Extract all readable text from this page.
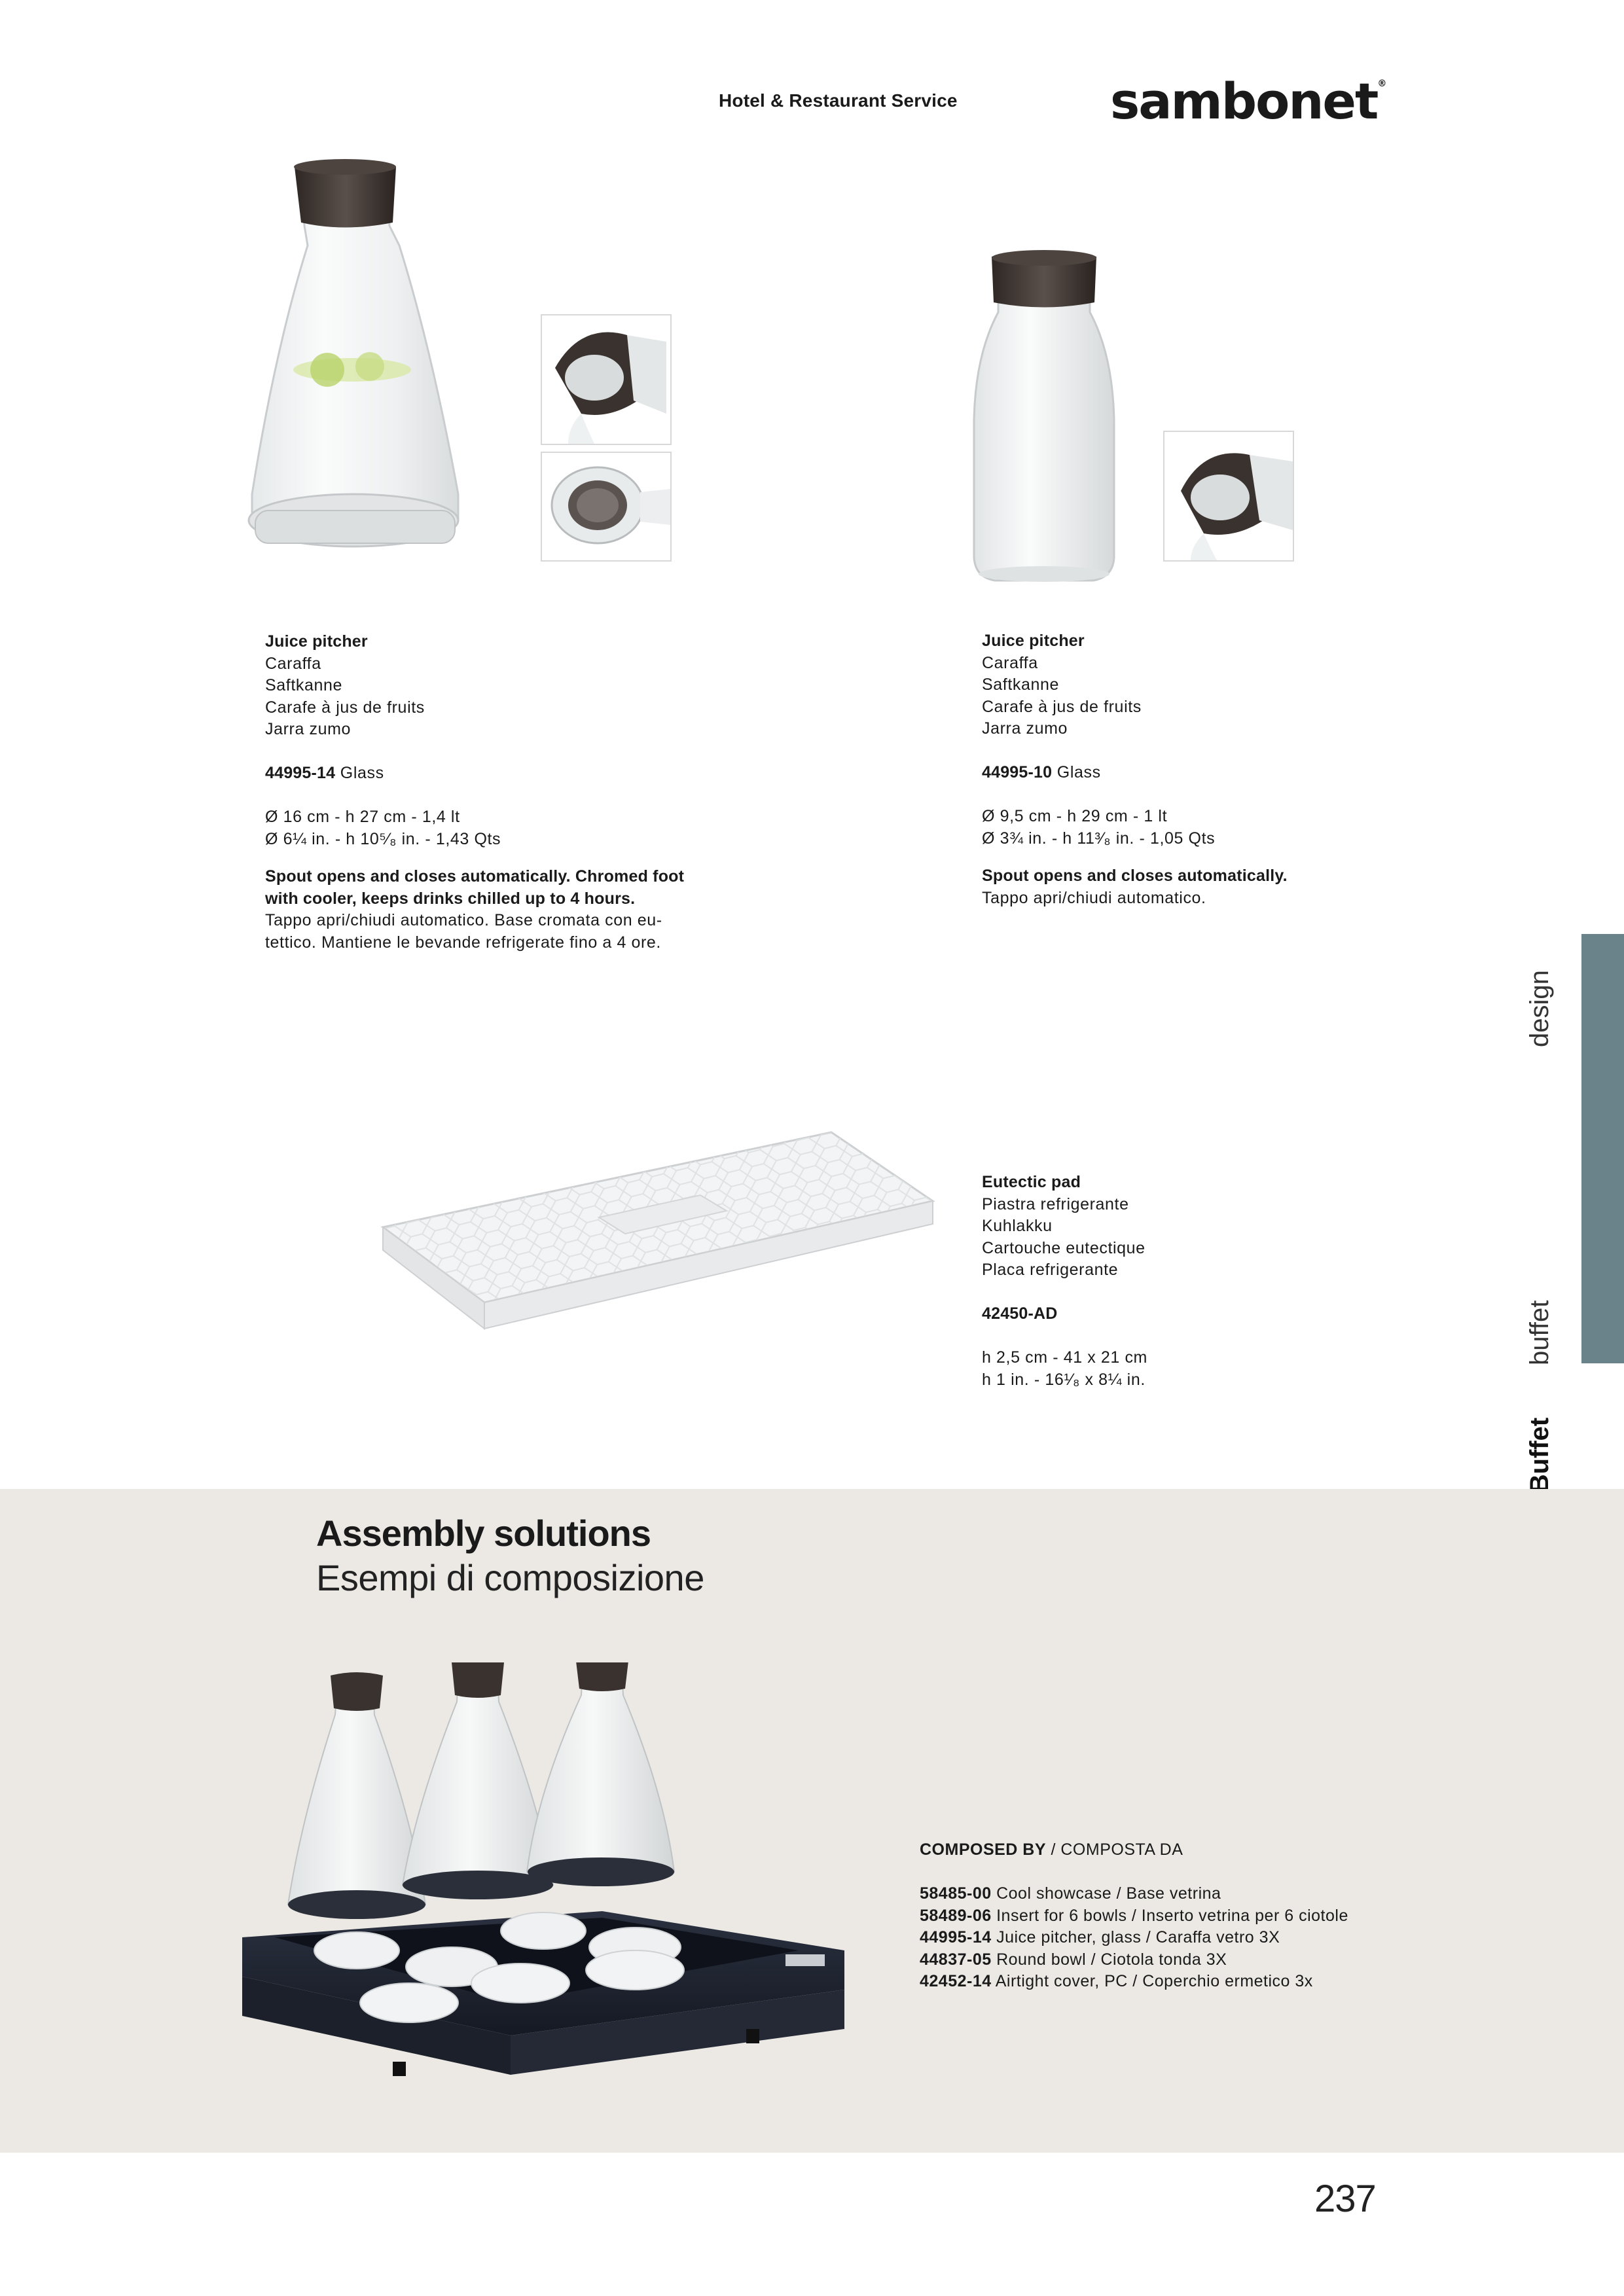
Hotel & Restaurant Service	sambonet®
Juice pitcher
Caraffa
Saftkanne
Carafe à jus de fruits
Jarra zumo
44995-14 Glass
Ø 16 cm - h 27 cm - 1,4 lt
Ø 6¼ in. - h 10⁵⁄₈ in. - 1,43 Qts
Spout opens and closes automatically. Chromed foot
with cooler, keeps drinks chilled up to 4 hours.
Tappo apri/chiudi automatico. Base cromata con eu-
tettico. Mantiene le bevande refrigerate fino a 4 ore.
Juice pitcher
Caraffa
Saftkanne
Carafe à jus de fruits
Jarra zumo
44995-10 Glass
Ø 9,5 cm - h 29 cm - 1 lt
Ø 3¾ in. - h 11³⁄₈ in. - 1,05 Qts
Spout opens and closes automatically.
Tappo apri/chiudi automatico.
Eutectic pad
Piastra refrigerante
Kuhlakku
Cartouche eutectique
Placa refrigerante
42450-AD
h 2,5 cm - 41 x 21 cm
h 1 in. - 16¹⁄₈ x 8¼ in.
design
buffet
Assembly solutions
Esempi di composizione
COMPOSED BY / COMPOSTA DA
58485-00 Cool showcase / Base vetrina
58489-06 Insert for 6 bowls / Inserto vetrina per 6 ciotole
44995-14 Juice pitcher, glass / Caraffa vetro 3X
44837-05 Round bowl / Ciotola tonda 3X
42452-14 Airtight cover, PC / Coperchio ermetico 3x
237
